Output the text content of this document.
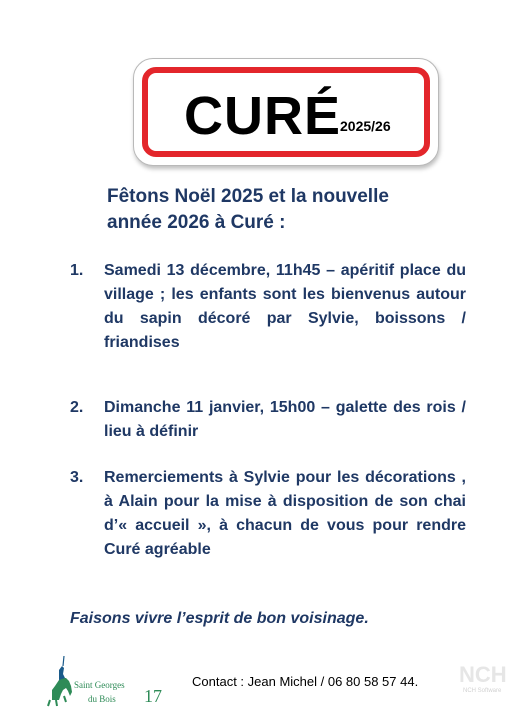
CURÉ
2025/26
Fêtons Noël 2025 et la nouvelle
année 2026 à Curé :
1.	Samedi 13 décembre, 11h45 – apéritif place du village ; les enfants sont les bienvenus autour du sapin décoré par Sylvie, boissons / friandises
2.	Dimanche 11 janvier, 15h00 – galette des rois / lieu à définir
3.	Remerciements à Sylvie pour les décorations , à Alain pour la mise à disposition de son chai d’« accueil », à chacun de vous pour rendre Curé agréable
Faisons vivre l’esprit de bon voisinage.
Saint Georges
du Bois 17
Contact : Jean Michel / 06 80 58 57 44. NCH
NCH Software
